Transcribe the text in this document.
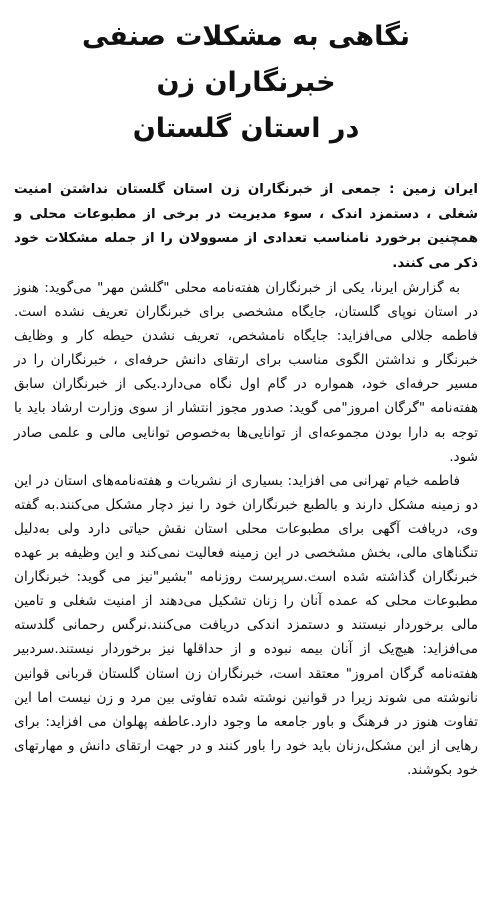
نگاهی به مشکلات صنفی خبرنگاران زن
در استان گلستان

ایران زمین : جمعی از خبرنگاران زن استان گلستان نداشتن امنیت شغلی ، دستمزد اندک ، سوء مدیریت در برخی از مطبوعات محلی و همچنین برخورد نامناسب تعدادی از مسوولان را از جمله مشکلات خود ذکر می کنند.

به گزارش ایرنا، یکی از خبرنگاران هفته‌نامه محلی "گلشن مهر" می‌گوید: هنوز در استان نوپای گلستان، جایگاه مشخصی برای خبرنگاران تعریف نشده است. فاطمه جلالی می‌افزاید: جایگاه نامشخص، تعریف نشدن حیطه کار و وظایف خبرنگار و نداشتن الگوی مناسب برای ارتقای دانش حرفه‌ای ، خبرنگاران را در مسیر حرفه‌ای خود، همواره در گام اول نگاه می‌دارد.یکی از خبرنگاران سابق هفته‌نامه "گرگان امروز"می گوید: صدور مجوز انتشار از سوی وزارت ارشاد باید با توجه به دارا بودن مجموعه‌ای از توانایی‌ها به‌خصوص توانایی مالی و علمی صادر شود.

فاطمه خیام تهرانی می افزاید: بسیاری از نشریات و هفته‌نامه‌های استان در این دو زمینه مشکل دارند و بالطبع خبرنگاران خود را نیز دچار مشکل می‌کنند.به گفته وی، دریافت آگهی برای مطبوعات محلی استان نقش حیاتی دارد ولی به‌دلیل تنگناهای مالی، بخش مشخصی در این زمینه فعالیت نمی‌کند و این وظیفه بر عهده خبرنگاران گذاشته شده است.سرپرست روزنامه "بشیر"نیز می گوید: خبرنگاران مطبوعات محلی که عمده آنان را زنان تشکیل می‌دهند از امنیت شغلی و تامین مالی برخوردار نیستند و دستمزد اندکی دریافت می‌کنند.نرگس رحمانی گلدسته می‌افزاید: هیچ‌یک از آنان بیمه نبوده و از حداقلها نیز برخوردار نیستند.سردبیر هفته‌نامه گرگان امروز" معتقد است، خبرنگاران زن استان گلستان قربانی قوانین نانوشته می شوند زیرا در قوانین نوشته شده تفاوتی بین مرد و زن نیست اما این تفاوت هنوز در فرهنگ و باور جامعه ما وجود دارد.عاطفه پهلوان می افزاید: برای رهایی از این مشکل،زنان باید خود را باور کنند و در جهت ارتقای دانش و مهارتهای خود بکوشند.
